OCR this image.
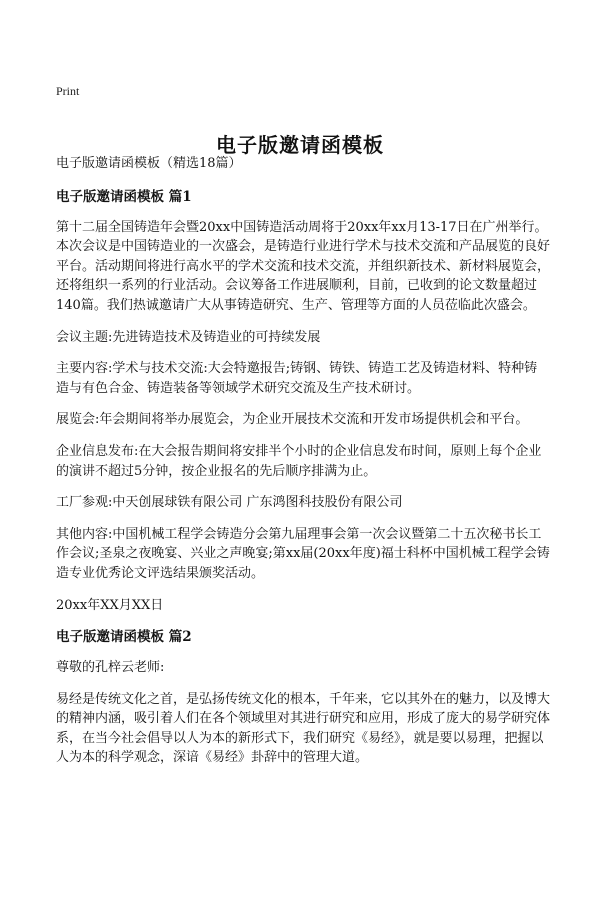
Print
电子版邀请函模板

电子版邀请函模板（精选18篇）

电子版邀请函模板 篇1

第十二届全国铸造年会暨20xx中国铸造活动周将于20xx年xx月13-17日在广州举行。本次会议是中国铸造业的一次盛会，是铸造行业进行学术与技术交流和产品展览的良好平台。活动期间将进行高水平的学术交流和技术交流，并组织新技术、新材料展览会，还将组织一系列的行业活动。会议筹备工作进展顺利，目前，已收到的论文数量超过140篇。我们热诚邀请广大从事铸造研究、生产、管理等方面的人员莅临此次盛会。

会议主题:先进铸造技术及铸造业的可持续发展

主要内容:学术与技术交流:大会特邀报告;铸钢、铸铁、铸造工艺及铸造材料、特种铸造与有色合金、铸造装备等领域学术研究交流及生产技术研讨。

展览会:年会期间将举办展览会，为企业开展技术交流和开发市场提供机会和平台。

企业信息发布:在大会报告期间将安排半个小时的企业信息发布时间，原则上每个企业的演讲不超过5分钟，按企业报名的先后顺序排满为止。

工厂参观:中天创展球铁有限公司 广东鸿图科技股份有限公司

其他内容:中国机械工程学会铸造分会第九届理事会第一次会议暨第二十五次秘书长工作会议;圣泉之夜晚宴、兴业之声晚宴;第xx届(20xx年度)福士科杯中国机械工程学会铸造专业优秀论文评选结果颁奖活动。

20xx年XX月XX日

电子版邀请函模板 篇2

尊敬的孔梓云老师:

易经是传统文化之首，是弘扬传统文化的根本，千年来，它以其外在的魅力，以及博大的精神内涵，吸引着人们在各个领域里对其进行研究和应用，形成了庞大的易学研究体系，在当今社会倡导以人为本的新形式下，我们研究《易经》，就是要以易理，把握以人为本的科学观念，深谙《易经》卦辞中的管理大道。
